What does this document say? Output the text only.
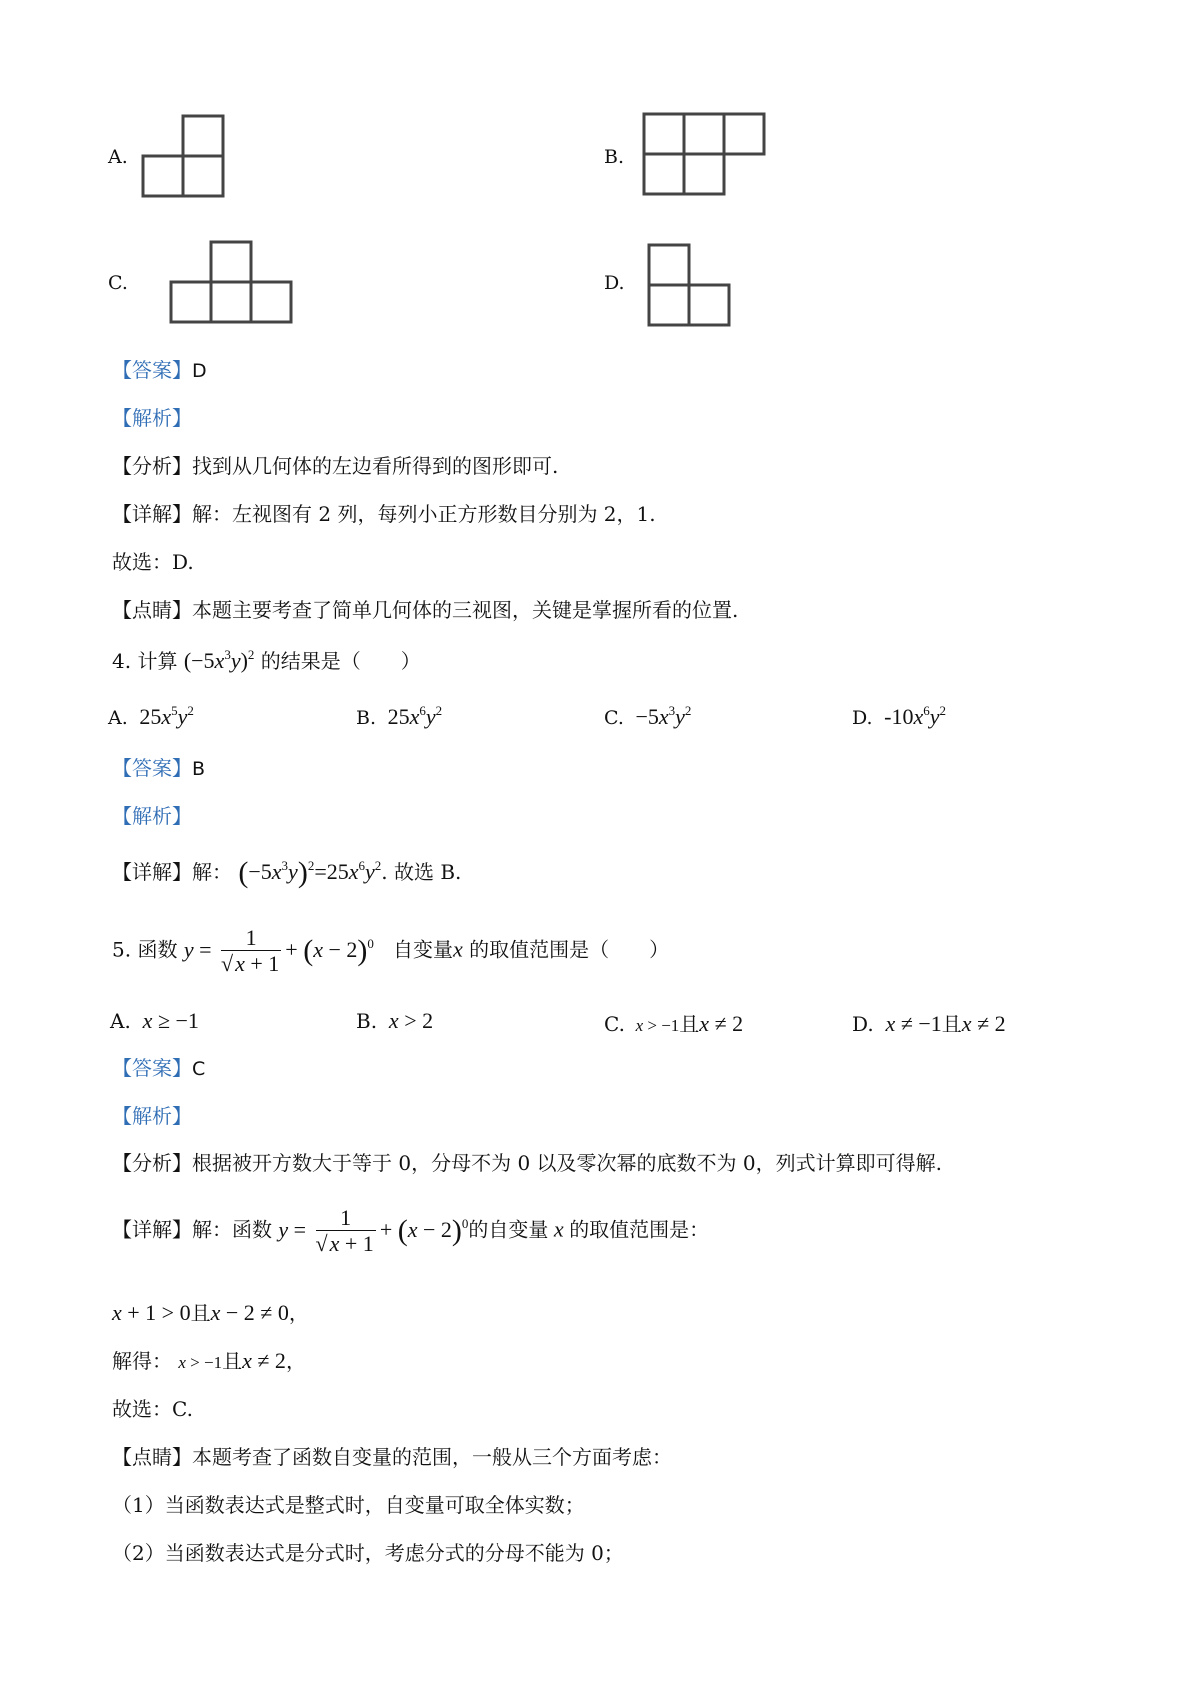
A.	B.
C.	D.
【答案】D
【解析】
【分析】找到从几何体的左边看所得到的图形即可.
【详解】解：左视图有 2 列，每列小正方形数目分别为 2，1.
故选：D.
【点睛】本题主要考查了简单几何体的三视图，关键是掌握所看的位置.
4. 计算 $(-5x^3y)^2$ 的结果是（　　）
A.  $25x^5y^2$	B.  $25x^6y^2$	C.  $-5x^3y^2$	D.  $-10x^6y^2$
【答案】B
【解析】
【详解】解： $(-5x^3y)^2=25x^6y^2$. 故选 B.
5. 函数 $y = \frac{1}{√x + 1} + (x - 2)^0$ 自变量x 的取值范围是（　　）
A. x ≥ −1	B. x > 2	C. x > −1且x ≠ 2	D. x ≠ −1且x ≠ 2
【答案】C
【解析】
【分析】根据被开方数大于等于 0，分母不为 0 以及零次幂的底数不为 0，列式计算即可得解.
【详解】解：函数 $y = \frac{1}{√x + 1} + (x - 2)^0$的自变量 x 的取值范围是：
x + 1 > 0且x − 2 ≠ 0，
解得： x > −1且x ≠ 2，
故选：C.
【点睛】本题考查了函数自变量的范围，一般从三个方面考虑：
（1）当函数表达式是整式时，自变量可取全体实数；
（2）当函数表达式是分式时，考虑分式的分母不能为 0；
